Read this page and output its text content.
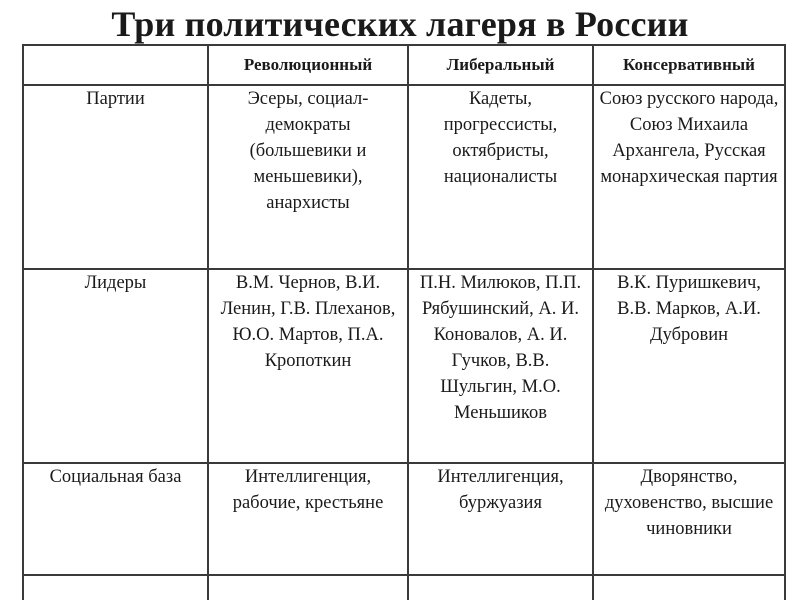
Три политических лагеря в России
	Революционный	Либеральный	Консервативный
Партии	Эсеры, социал-демократы (большевики и меньшевики), анархисты	Кадеты, прогрессисты, октябристы, националисты	Союз русского народа, Союз Михаила Архангела, Русская монархическая партия
Лидеры	В.М. Чернов, В.И. Ленин, Г.В. Плеханов, Ю.О. Мартов, П.А. Кропоткин	П.Н. Милюков, П.П. Рябушинский, А. И. Коновалов, А. И. Гучков, В.В. Шульгин, М.О. Меньшиков	В.К. Пуришкевич, В.В. Марков, А.И. Дубровин
Социальная база	Интеллигенция, рабочие, крестьяне	Интеллигенция, буржуазия	Дворянство, духовенство, высшие чиновники
